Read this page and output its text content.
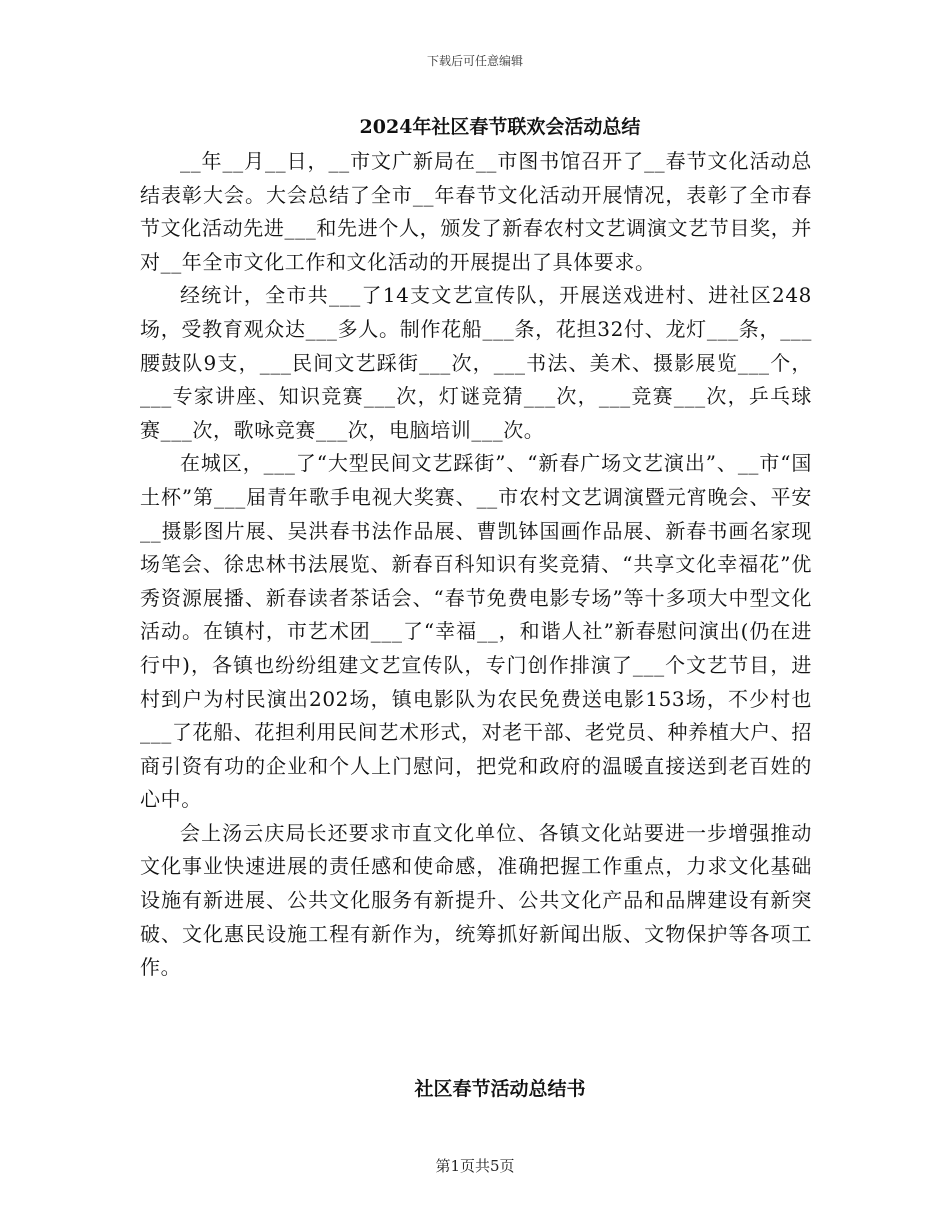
下载后可任意编辑
2024年社区春节联欢会活动总结

__年__月__日，__市文广新局在__市图书馆召开了__春节文化活动总结表彰大会。大会总结了全市__年春节文化活动开展情况，表彰了全市春节文化活动先进___和先进个人，颁发了新春农村文艺调演文艺节目奖，并对__年全市文化工作和文化活动的开展提出了具体要求。

经统计，全市共___了14支文艺宣传队，开展送戏进村、进社区248场，受教育观众达___多人。制作花船___条，花担32付、龙灯___条，___腰鼓队9支，___民间文艺踩街___次，___书法、美术、摄影展览___个，___专家讲座、知识竞赛___次，灯谜竞猜___次，___竞赛___次，乒乓球赛___次，歌咏竞赛___次，电脑培训___次。

在城区，___了“大型民间文艺踩街”、“新春广场文艺演出”、__市“国土杯”第___届青年歌手电视大奖赛、__市农村文艺调演暨元宵晚会、平安__摄影图片展、吴洪春书法作品展、曹凯钵国画作品展、新春书画名家现场笔会、徐忠林书法展览、新春百科知识有奖竞猜、“共享文化幸福花”优秀资源展播、新春读者茶话会、“春节免费电影专场”等十多项大中型文化活动。在镇村，市艺术团___了“幸福__，和谐人社”新春慰问演出(仍在进行中)，各镇也纷纷组建文艺宣传队，专门创作排演了___个文艺节目，进村到户为村民演出202场，镇电影队为农民免费送电影153场，不少村也___了花船、花担利用民间艺术形式，对老干部、老党员、种养植大户、招商引资有功的企业和个人上门慰问，把党和政府的温暖直接送到老百姓的心中。

会上汤云庆局长还要求市直文化单位、各镇文化站要进一步增强推动文化事业快速进展的责任感和使命感，准确把握工作重点，力求文化基础设施有新进展、公共文化服务有新提升、公共文化产品和品牌建设有新突破、文化惠民设施工程有新作为，统筹抓好新闻出版、文物保护等各项工作。

社区春节活动总结书
第1页共5页
